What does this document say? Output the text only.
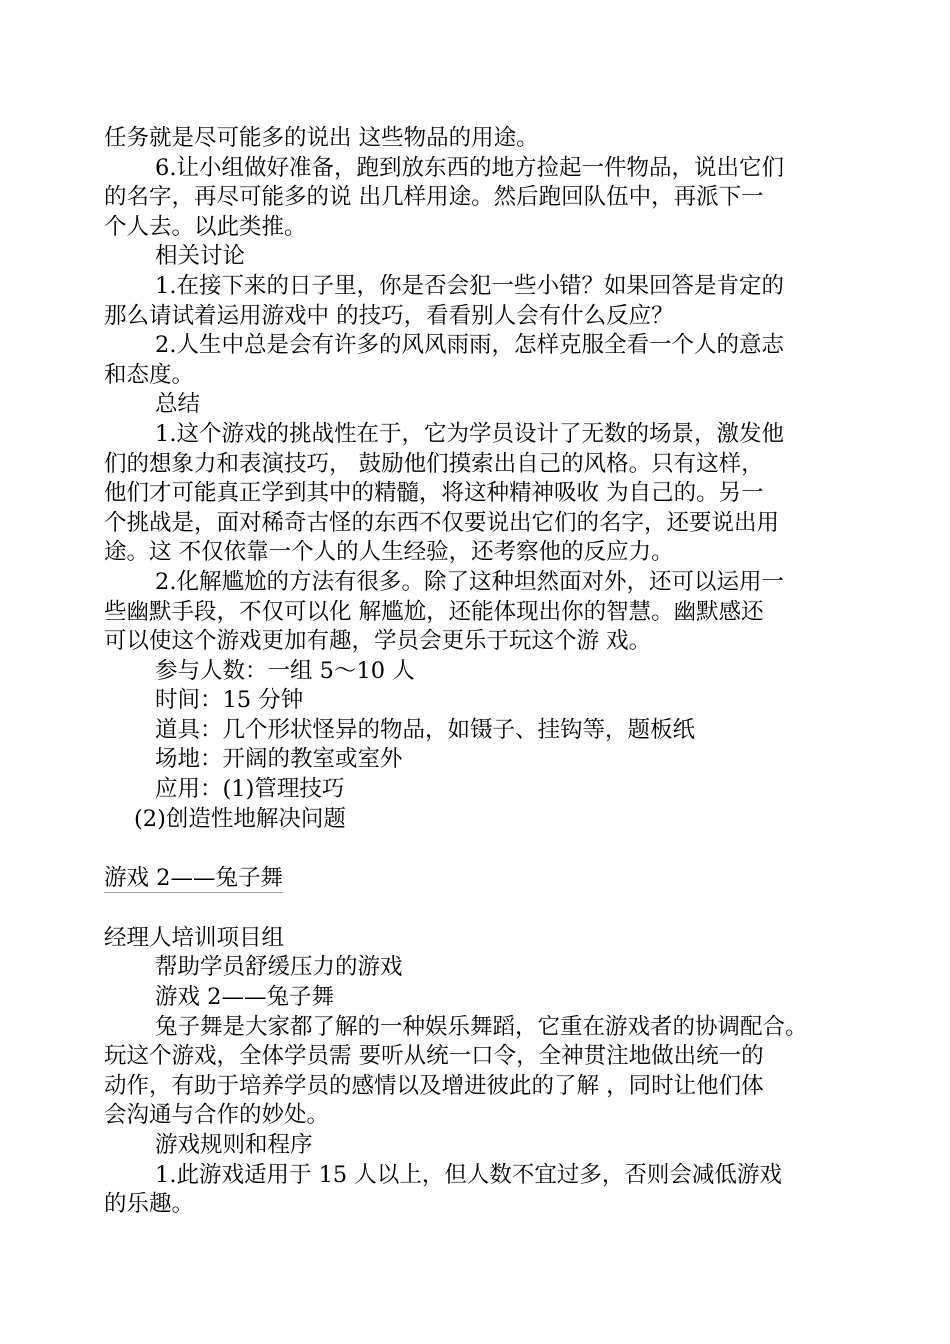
任务就是尽可能多的说出 这些物品的用途。

6.让小组做好准备，跑到放东西的地方捡起一件物品，说出它们

的名字，再尽可能多的说 出几样用途。然后跑回队伍中，再派下一

个人去。以此类推。

相关讨论

1.在接下来的日子里，你是否会犯一些小错？如果回答是肯定的

那么请试着运用游戏中 的技巧，看看别人会有什么反应？

2.人生中总是会有许多的风风雨雨，怎样克服全看一个人的意志

和态度。

总结

1.这个游戏的挑战性在于，它为学员设计了无数的场景，激发他

们的想象力和表演技巧， 鼓励他们摸索出自己的风格。只有这样，

他们才可能真正学到其中的精髓，将这种精神吸收 为自己的。另一

个挑战是，面对稀奇古怪的东西不仅要说出它们的名字，还要说出用

途。这 不仅依靠一个人的人生经验，还考察他的反应力。

2.化解尴尬的方法有很多。除了这种坦然面对外，还可以运用一

些幽默手段，不仅可以化 解尴尬，还能体现出你的智慧。幽默感还

可以使这个游戏更加有趣，学员会更乐于玩这个游 戏。

参与人数：一组 5～10 人

时间：15 分钟

道具：几个形状怪异的物品，如镊子、挂钩等，题板纸

场地：开阔的教室或室外

应用：(1)管理技巧

(2)创造性地解决问题

游戏 2——兔子舞

经理人培训项目组

帮助学员舒缓压力的游戏

游戏 2——兔子舞

兔子舞是大家都了解的一种娱乐舞蹈，它重在游戏者的协调配合。

玩这个游戏，全体学员需 要听从统一口令，全神贯注地做出统一的

动作，有助于培养学员的感情以及增进彼此的了解 ，同时让他们体

会沟通与合作的妙处。

游戏规则和程序

1.此游戏适用于 15 人以上，但人数不宜过多，否则会减低游戏

的乐趣。
